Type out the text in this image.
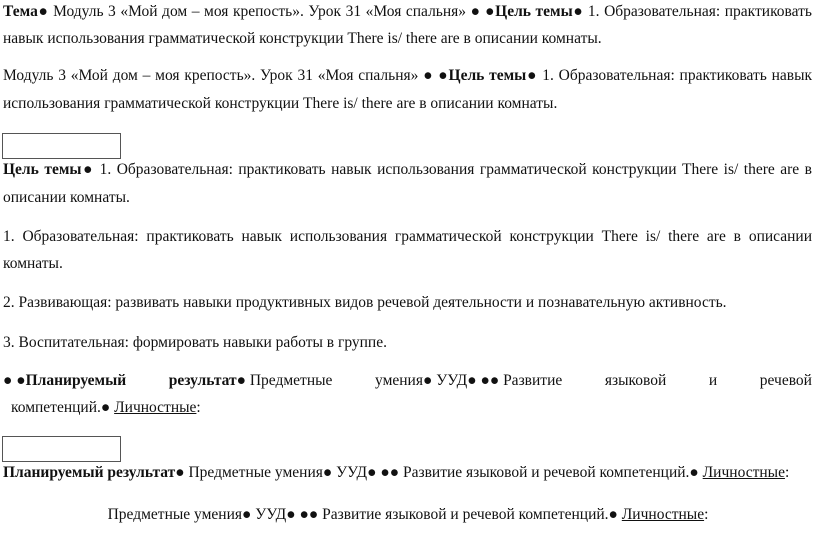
Тема● Модуль 3 «Мой дом – моя крепость». Урок 31 «Моя спальня» ● ●Цель темы● 1. Образовательная: практиковать
навык использования грамматической конструкции There is/ there are в описании комнаты.
Модуль 3 «Мой дом – моя крепость». Урок 31 «Моя спальня» ● ●Цель темы● 1. Образовательная: практиковать навык
использования грамматической конструкции There is/ there are в описании комнаты.
Цель темы● 1. Образовательная: практиковать навык использования грамматической конструкции There is/ there are в
описании комнаты.
1. Образовательная: практиковать навык использования грамматической конструкции There is/ there are в описании
комнаты.
2. Развивающая: развивать навыки продуктивных видов речевой деятельности и познавательную активность.
3. Воспитательная: формировать навыки работы в группе.
● ●Планируемый	результат● Предметные	умения● УУД● ●● Развитие	языковой	и	речевой
компетенций.● Личностные:
Планируемый результат● Предметные умения● УУД● ●● Развитие языковой и речевой компетенций.● Личностные:
Предметные умения● УУД● ●● Развитие языковой и речевой компетенций.● Личностные:
